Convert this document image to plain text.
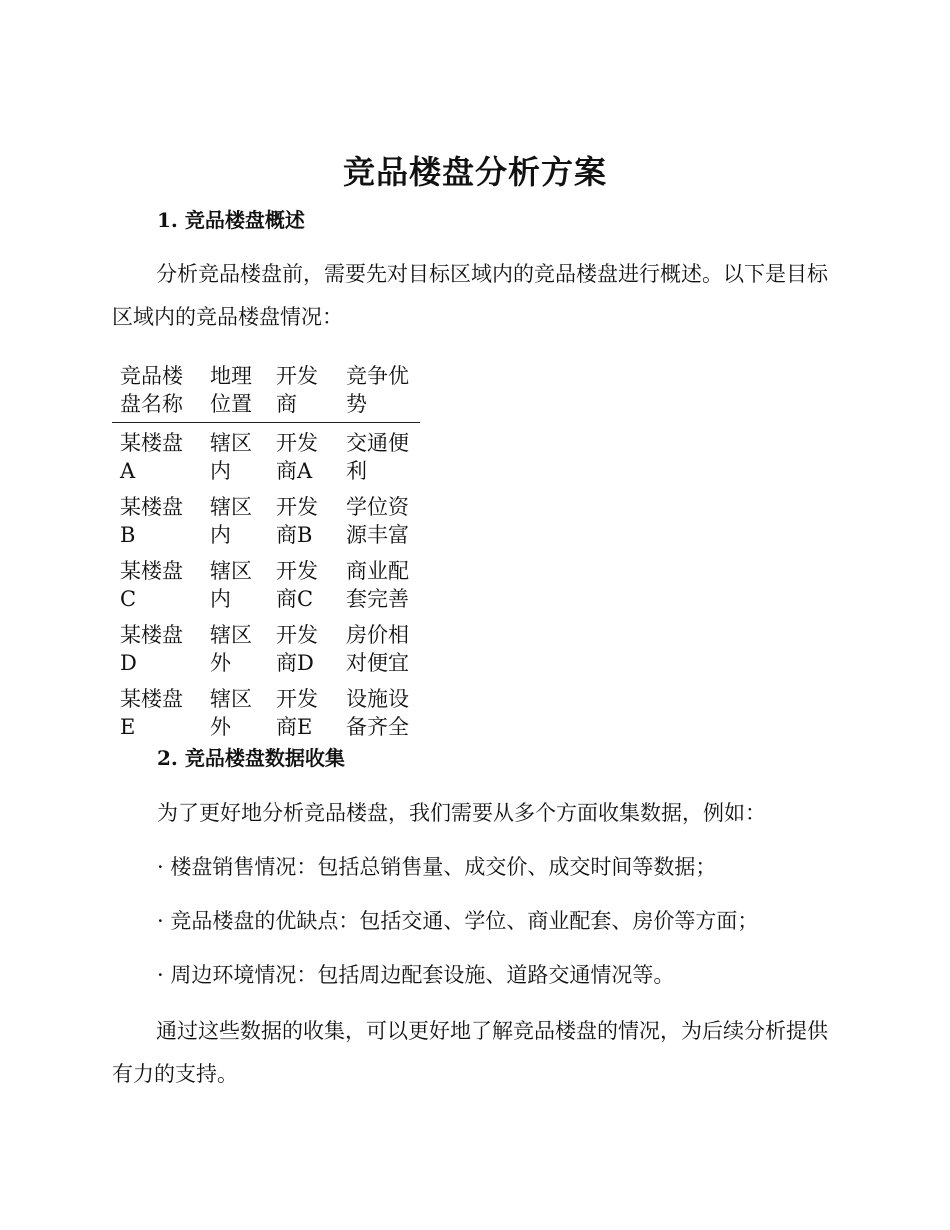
竞品楼盘分析方案
1. 竞品楼盘概述

分析竞品楼盘前，需要先对目标区域内的竞品楼盘进行概述。以下是目标区域内的竞品楼盘情况：

竞品楼盘名称	地理位置	开发商	竞争优势

某楼盘A	辖区内	开发商A	交通便利

某楼盘B	辖区内	开发商B	学位资源丰富

某楼盘C	辖区内	开发商C	商业配套完善

某楼盘D	辖区外	开发商D	房价相对便宜

某楼盘E	辖区外	开发商E	设施设备齐全
2. 竞品楼盘数据收集
为了更好地分析竞品楼盘，我们需要从多个方面收集数据，例如：
· 楼盘销售情况：包括总销售量、成交价、成交时间等数据；
· 竞品楼盘的优缺点：包括交通、学位、商业配套、房价等方面；
· 周边环境情况：包括周边配套设施、道路交通情况等。

通过这些数据的收集，可以更好地了解竞品楼盘的情况，为后续分析提供有力的支持。
